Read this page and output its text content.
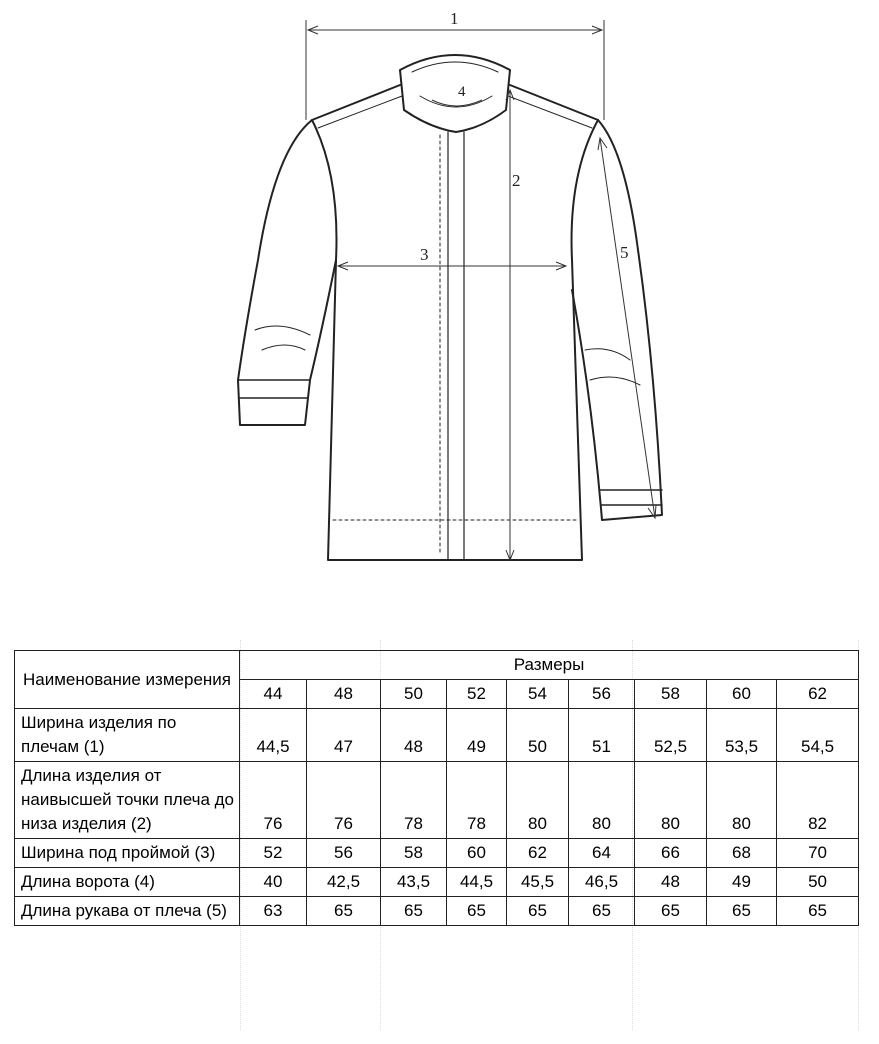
1
2
3
4
5
Наименование измерения	Размеры								
	44	48	50	52	54	56	58	60	62
Ширина изделия по плечам (1)	44,5	47	48	49	50	51	52,5	53,5	54,5
Длина изделия от наивысшей точки плеча до низа изделия (2)	76	76	78	78	80	80	80	80	82
Ширина под проймой (3)	52	56	58	60	62	64	66	68	70
Длина ворота (4)	40	42,5	43,5	44,5	45,5	46,5	48	49	50
Длина рукава от плеча (5)	63	65	65	65	65	65	65	65	65
